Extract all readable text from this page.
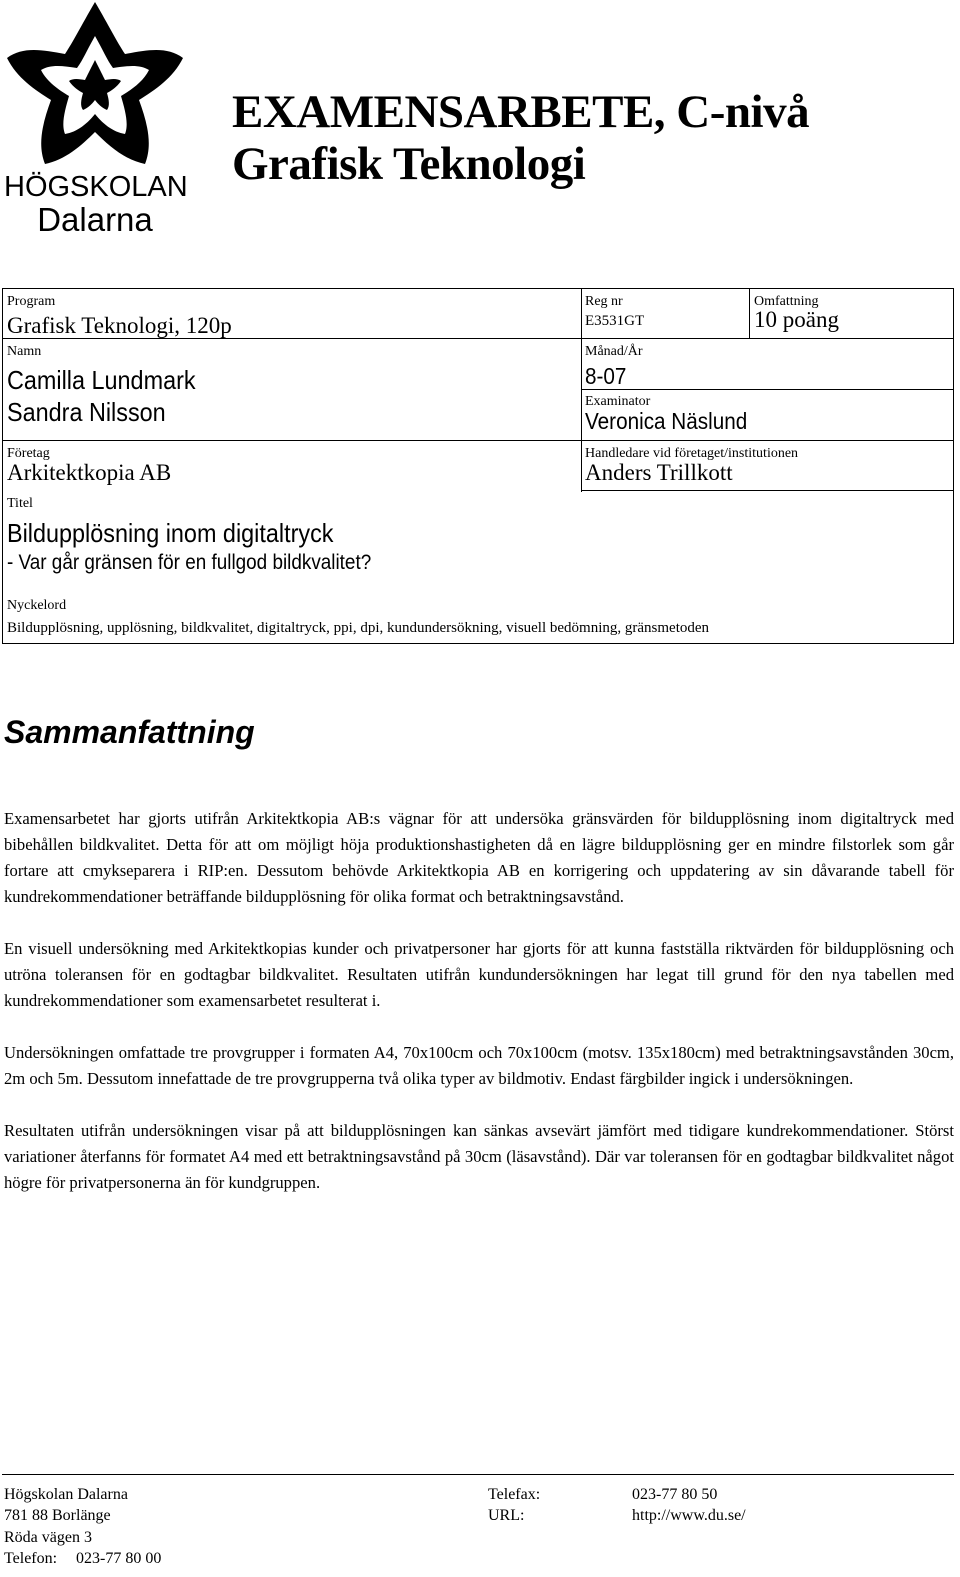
HÖGSKOLAN
Dalarna
EXAMENSARBETE, C-nivå
Grafisk Teknologi
Program
Grafisk Teknologi, 120p
Reg nr
E3531GT
Omfattning
10 poäng
Namn
Camilla Lundmark
Sandra Nilsson
Månad/År
8-07
Examinator
Veronica Näslund
Företag
Arkitektkopia AB
Handledare vid företaget/institutionen
Anders Trillkott
Titel
Bildupplösning inom digitaltryck
- Var går gränsen för en fullgod bildkvalitet?
Nyckelord
Bildupplösning, upplösning, bildkvalitet, digitaltryck, ppi, dpi, kundundersökning, visuell bedömning, gränsmetoden
Sammanfattning

Examensarbetet har gjorts utifrån Arkitektkopia AB:s vägnar för att undersöka gränsvärden för bildupplösning inom digitaltryck med bibehållen bildkvalitet. Detta för att om möjligt höja produktionshastigheten då en lägre bildupplösning ger en mindre filstorlek som går fortare att cmykseparera i RIP:en. Dessutom behövde Arkitektkopia AB en korrigering och uppdatering av sin dåvarande tabell för kundrekommendationer beträffande bildupplösning för olika format och betraktningsavstånd.

En visuell undersökning med Arkitektkopias kunder och privatpersoner har gjorts för att kunna fastställa riktvärden för bildupplösning och utröna toleransen för en godtagbar bildkvalitet. Resultaten utifrån kundundersökningen har legat till grund för den nya tabellen med kundrekommendationer som examensarbetet resulterat i.

Undersökningen omfattade tre provgrupper i formaten A4, 70x100cm och 70x100cm (motsv. 135x180cm) med betraktningsavstånden 30cm, 2m och 5m. Dessutom innefattade de tre provgrupperna två olika typer av bildmotiv. Endast färgbilder ingick i undersökningen.

Resultaten utifrån undersökningen visar på att bildupplösningen kan sänkas avsevärt jämfört med tidigare kundrekommendationer. Störst variationer återfanns för formatet A4 med ett betraktningsavstånd på 30cm (läsavstånd). Där var toleransen för en godtagbar bildkvalitet något högre för privatpersonerna än för kundgruppen.

Högskolan Dalarna
781 88 Borlänge
Röda vägen 3
Telefon: 023-77 80 00
Telefax:	023-77 80 50
URL:	http://www.du.se/
